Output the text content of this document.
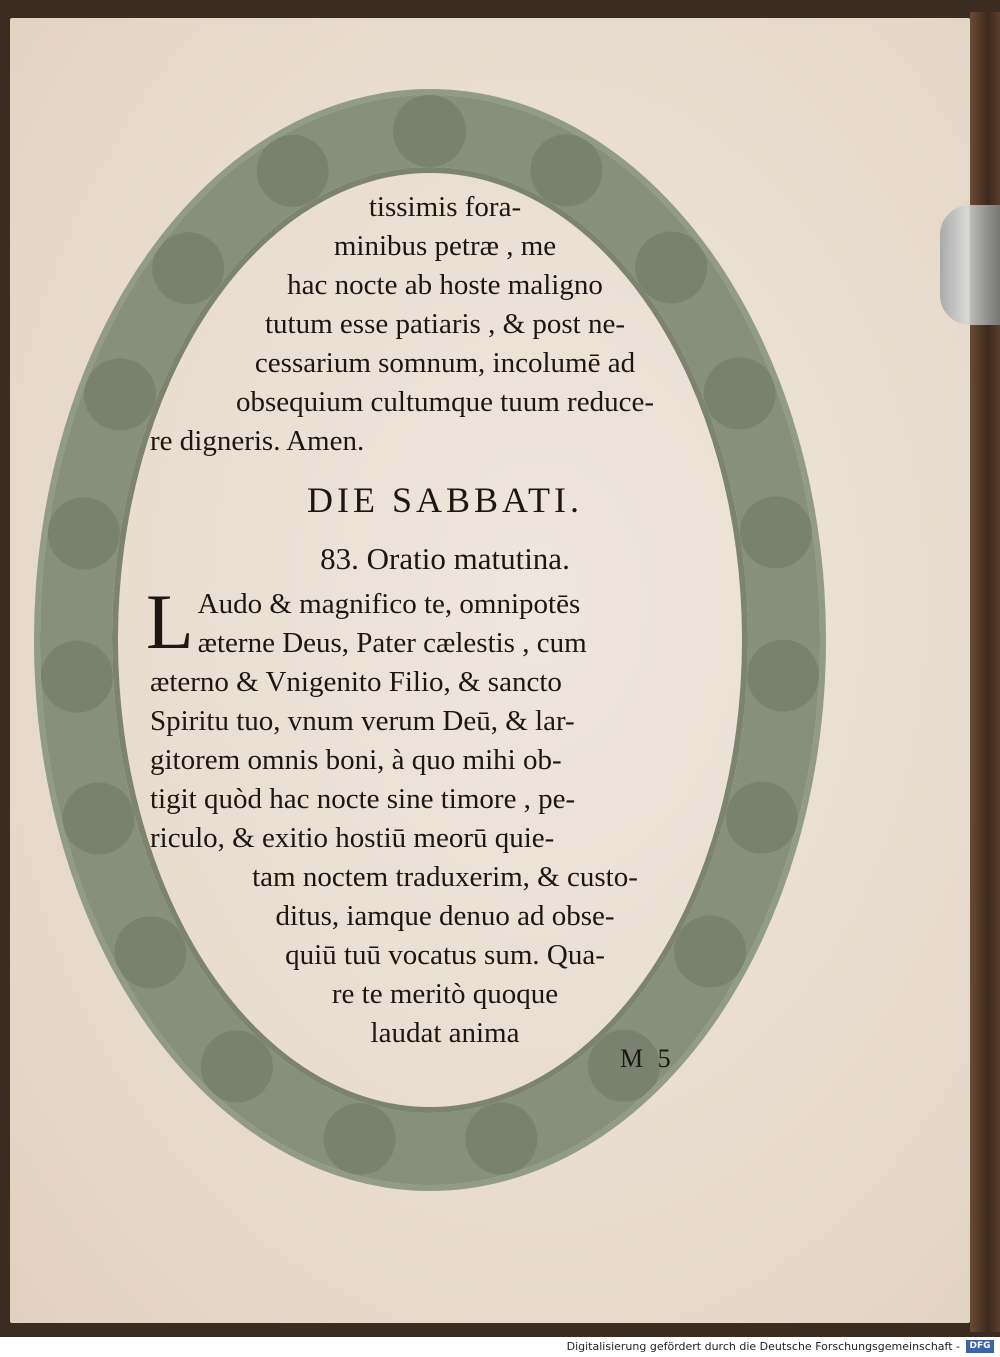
tissimis fora-
minibus petræ , me
hac nocte ab hoste maligno
tutum esse patiaris , & post ne-
cessarium somnum, incolumē ad
obsequium cultumque tuum reduce-
re digneris. Amen.
DIE SABBATI.
83. Oratio matutina.
L Audo & magnifico te, omnipotēs
æterne Deus, Pater cælestis , cum
æterno & Vnigenito Filio, & sancto
Spiritu tuo, vnum verum Deū, & lar-
gitorem omnis boni, à quo mihi ob-
tigit quòd hac nocte sine timore , pe-
riculo, & exitio hostiū meorū quie-
tam noctem traduxerim, & custo-
ditus, iamque denuo ad obse-
quiū tuū vocatus sum. Qua-
re te meritò quoque
laudat anima
M 5
Digitalisierung gefördert durch die Deutsche Forschungsgemeinschaft -	DFG
